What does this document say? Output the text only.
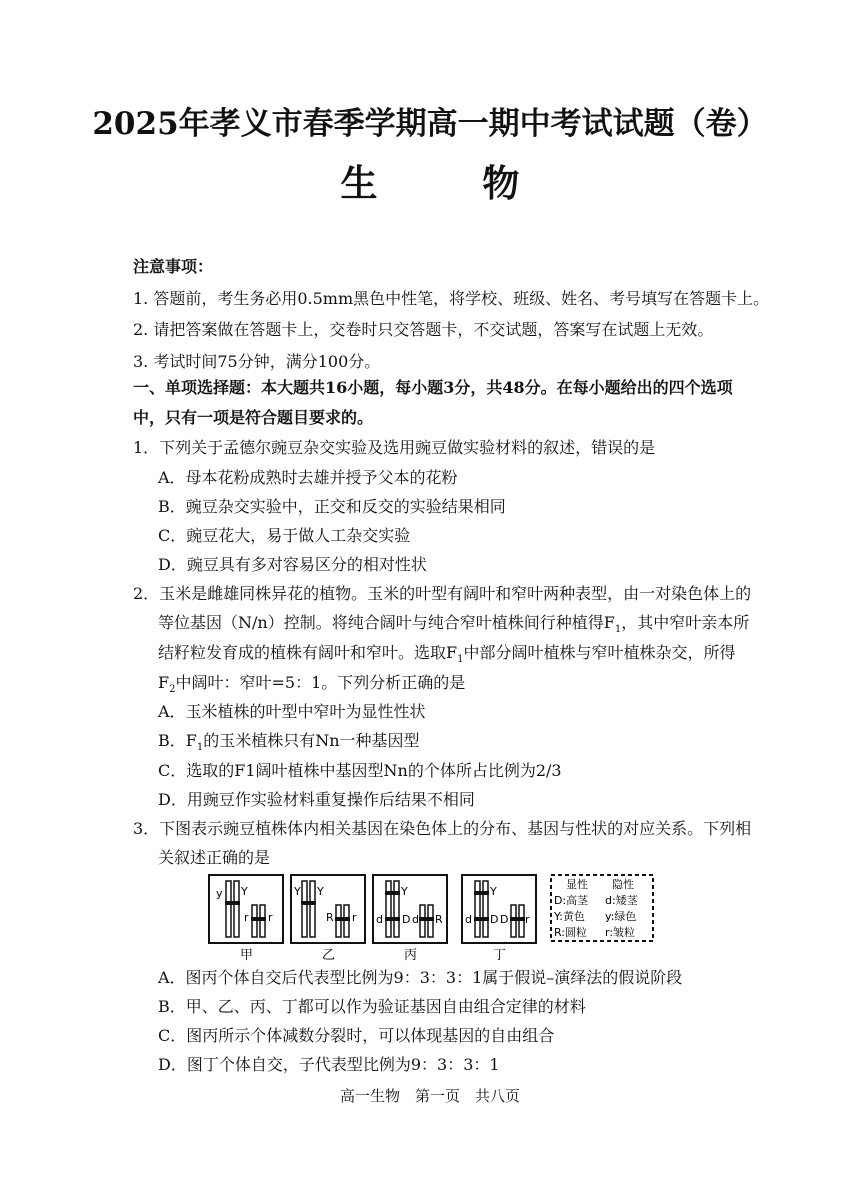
2025年孝义市春季学期高一期中考试试题（卷）
生 物
注意事项：
1. 答题前，考生务必用0.5mm黑色中性笔，将学校、班级、姓名、考号填写在答题卡上。
2. 请把答案做在答题卡上，交卷时只交答题卡，不交试题，答案写在试题上无效。
3. 考试时间75分钟，满分100分。
一、单项选择题：本大题共16小题，每小题3分，共48分。在每小题给出的四个选项
中，只有一项是符合题目要求的。
1．下列关于孟德尔豌豆杂交实验及选用豌豆做实验材料的叙述，错误的是
A．母本花粉成熟时去雄并授予父本的花粉
B．豌豆杂交实验中，正交和反交的实验结果相同
C．豌豆花大，易于做人工杂交实验
D．豌豆具有多对容易区分的相对性状
2．玉米是雌雄同株异花的植物。玉米的叶型有阔叶和窄叶两种表型，由一对染色体上的
等位基因（N/n）控制。将纯合阔叶与纯合窄叶植株间行种植得$F_1$，其中窄叶亲本所
结籽粒发育成的植株有阔叶和窄叶。选取$F_1$中部分阔叶植株与窄叶植株杂交，所得
$F_2$中阔叶：窄叶=5：1。下列分析正确的是
A．玉米植株的叶型中窄叶为显性性状
B．$F_1$的玉米植株只有Nn一种基因型
C．选取的F1阔叶植株中基因型Nn的个体所占比例为2/3
D．用豌豆作实验材料重复操作后结果不相同
3．下图表示豌豆植株体内相关基因在染色体上的分布、基因与性状的对应关系。下列相
关叙述正确的是
y Y
r r
Y Y
R r
Y
d D d R
Y
d D D r
甲	乙	丙	丁
显性 隐性
D:高茎 d:矮茎
Y:黄色 y:绿色
R:圆粒 r:皱粒
A．图丙个体自交后代表型比例为9：3：3：1属于假说–演绎法的假说阶段
B．甲、乙、丙、丁都可以作为验证基因自由组合定律的材料
C．图丙所示个体减数分裂时，可以体现基因的自由组合
D．图丁个体自交，子代表型比例为9：3：3：1
高一生物　第一页　共八页
